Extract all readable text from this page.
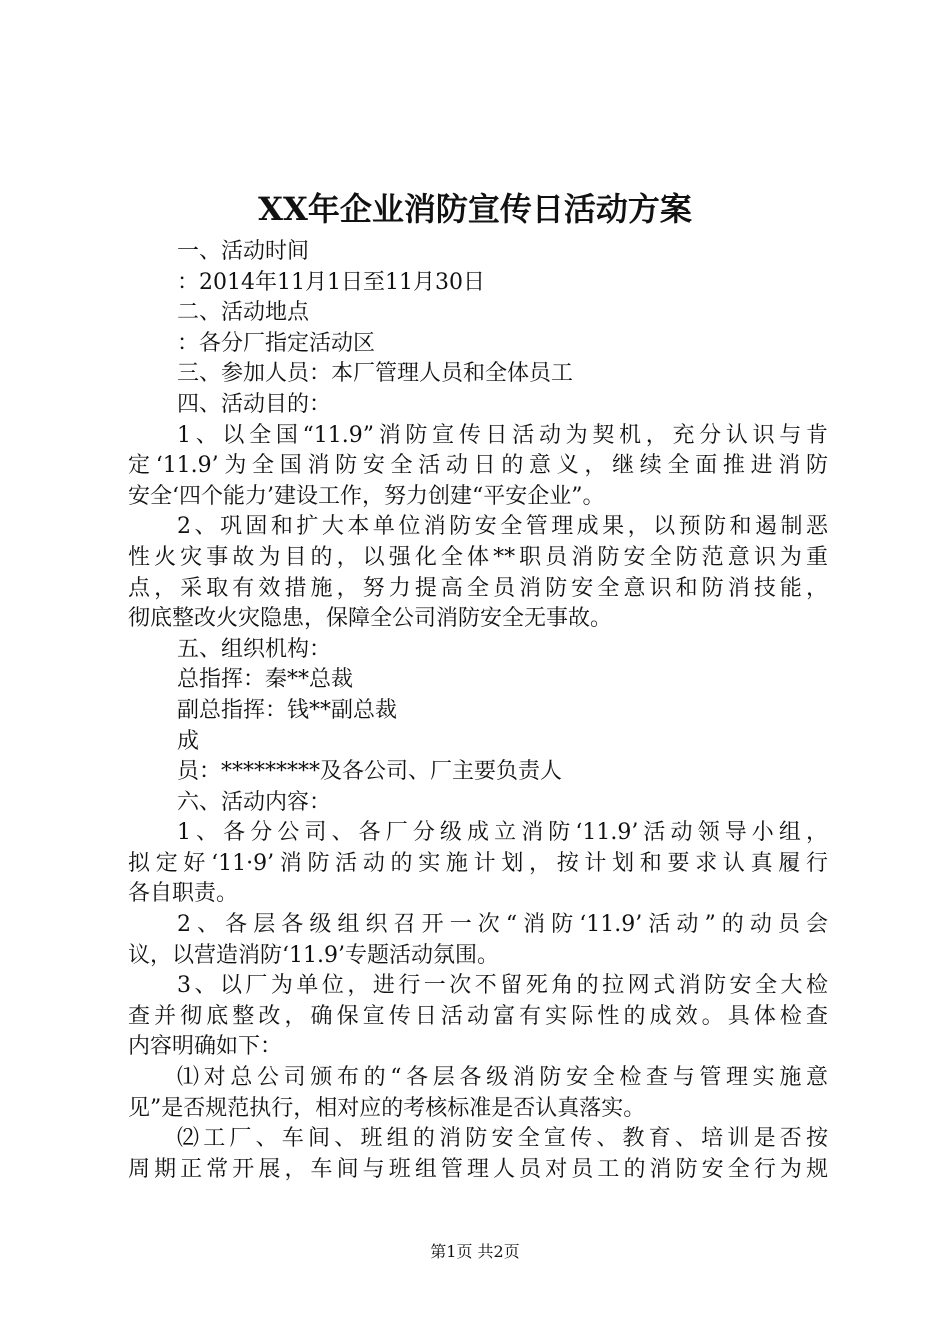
XX年企业消防宣传日活动方案

一、活动时间

：2014年11月1日至11月30日

二、活动地点

：各分厂指定活动区

三、参加人员：本厂管理人员和全体员工

四、活动目的：

1、以全国“11.9”消防宣传日活动为契机，充分认识与肯

定‘11.9’为全国消防安全活动日的意义，继续全面推进消防

安全‘四个能力’建设工作，努力创建“平安企业”。

2、巩固和扩大本单位消防安全管理成果，以预防和遏制恶

性火灾事故为目的，以强化全体**职员消防安全防范意识为重

点，采取有效措施，努力提高全员消防安全意识和防消技能，

彻底整改火灾隐患，保障全公司消防安全无事故。

五、组织机构：

总指挥：秦**总裁

副总指挥：钱**副总裁

成

员：*********及各公司、厂主要负责人

六、活动内容：

1、各分公司、各厂分级成立消防‘11.9’活动领导小组，

拟定好‘11·9’消防活动的实施计划，按计划和要求认真履行

各自职责。

2、各层各级组织召开一次“消防‘11.9’活动”的动员会

议，以营造消防‘11.9’专题活动氛围。

3、以厂为单位，进行一次不留死角的拉网式消防安全大检

查并彻底整改，确保宣传日活动富有实际性的成效。具体检查

内容明确如下：

⑴对总公司颁布的“各层各级消防安全检查与管理实施意

见”是否规范执行，相对应的考核标准是否认真落实。

⑵工厂、车间、班组的消防安全宣传、教育、培训是否按

周期正常开展，车间与班组管理人员对员工的消防安全行为规

第1页 共2页
